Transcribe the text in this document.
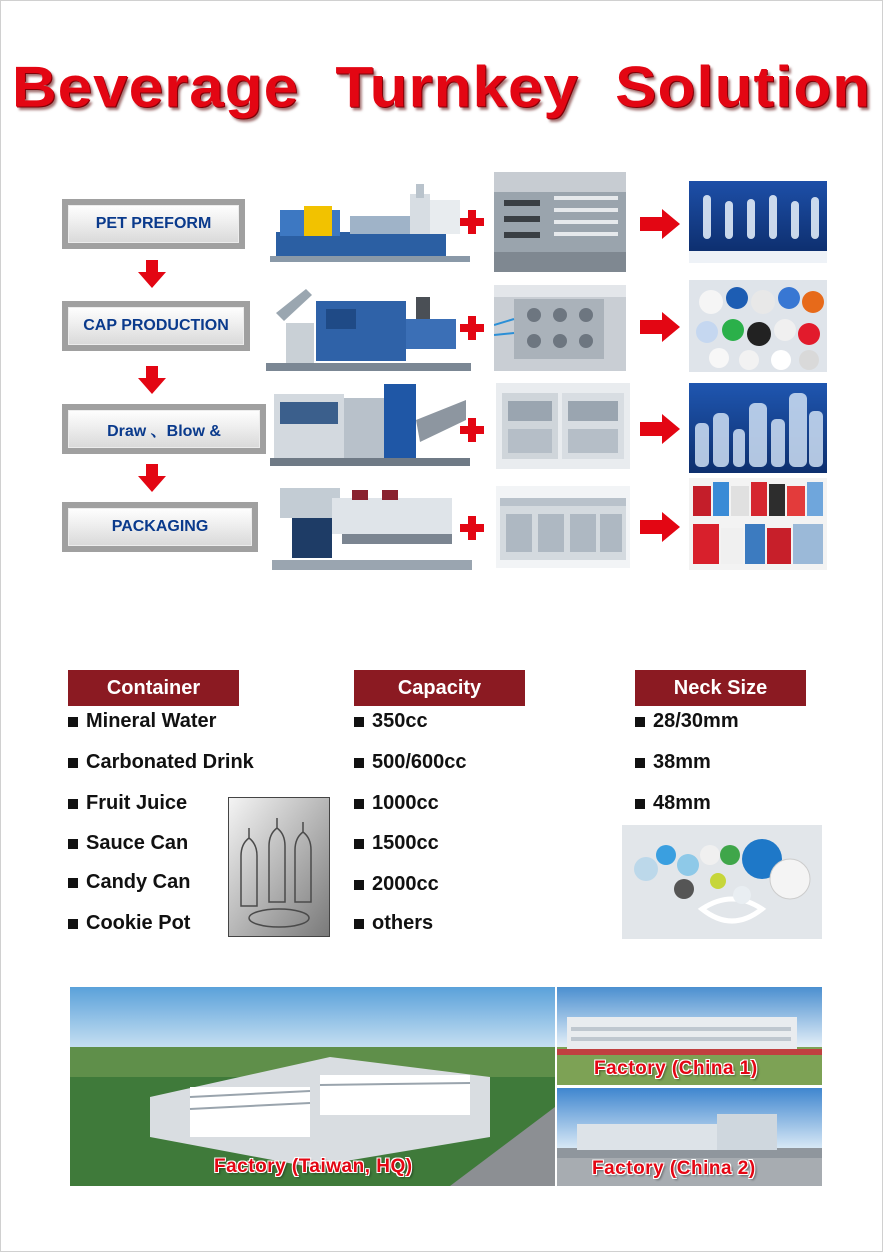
Beverage Turnkey Solution
PET PREFORM
CAP PRODUCTION
Draw 、Blow &
PACKAGING
Container	Capacity	Neck Size
Mineral Water
Carbonated Drink
Fruit Juice
Sauce Can
Candy Can
Cookie Pot
350cc
500/600cc
1000cc
1500cc
2000cc
others
28/30mm
38mm
48mm
Factory (Taiwan, HQ)
Factory (China 1)
Factory (China 2)
